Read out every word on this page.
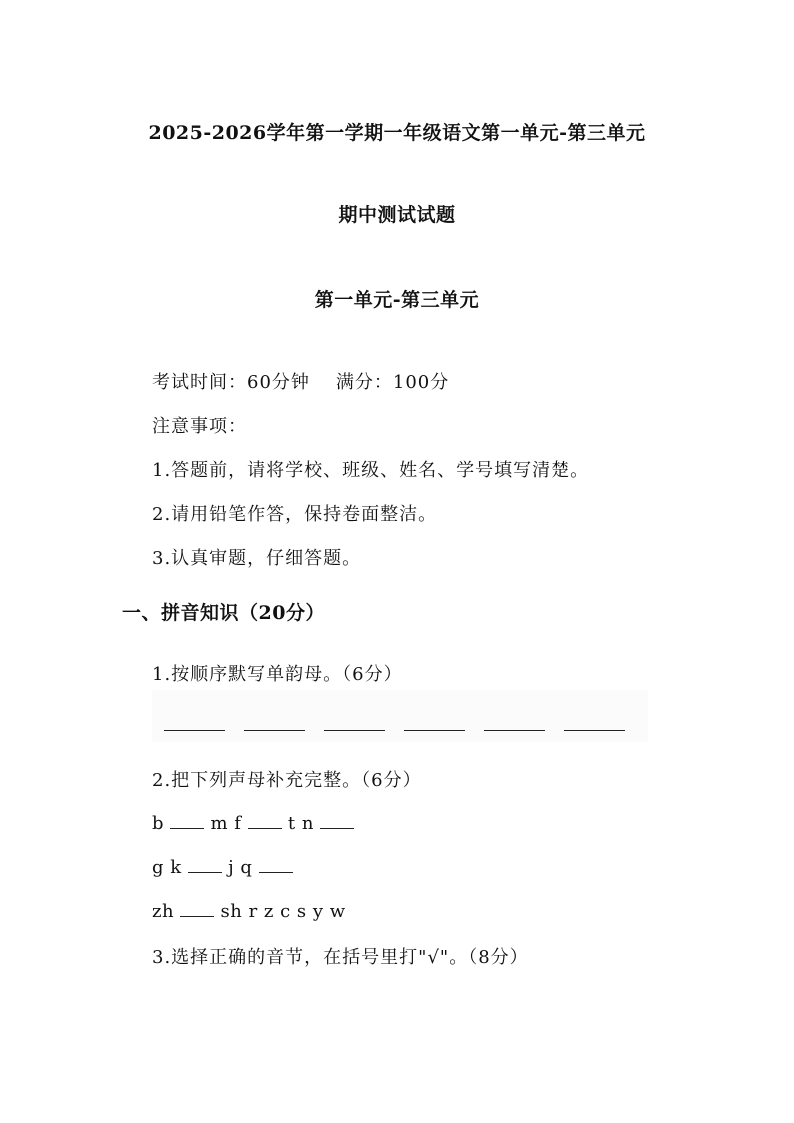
2025-2026学年第一学期一年级语文第一单元-第三单元
期中测试试题
第一单元-第三单元
考试时间：60分钟 满分：100分
注意事项：
1.答题前，请将学校、班级、姓名、学号填写清楚。
2.请用铅笔作答，保持卷面整洁。
3.认真审题，仔细答题。
一、拼音知识（20分）
1.按顺序默写单韵母。（6分）
2.把下列声母补充完整。（6分）
b	m f	t n
g k	j q
zh	sh r z c s y w
3.选择正确的音节，在括号里打"√"。（8分）
